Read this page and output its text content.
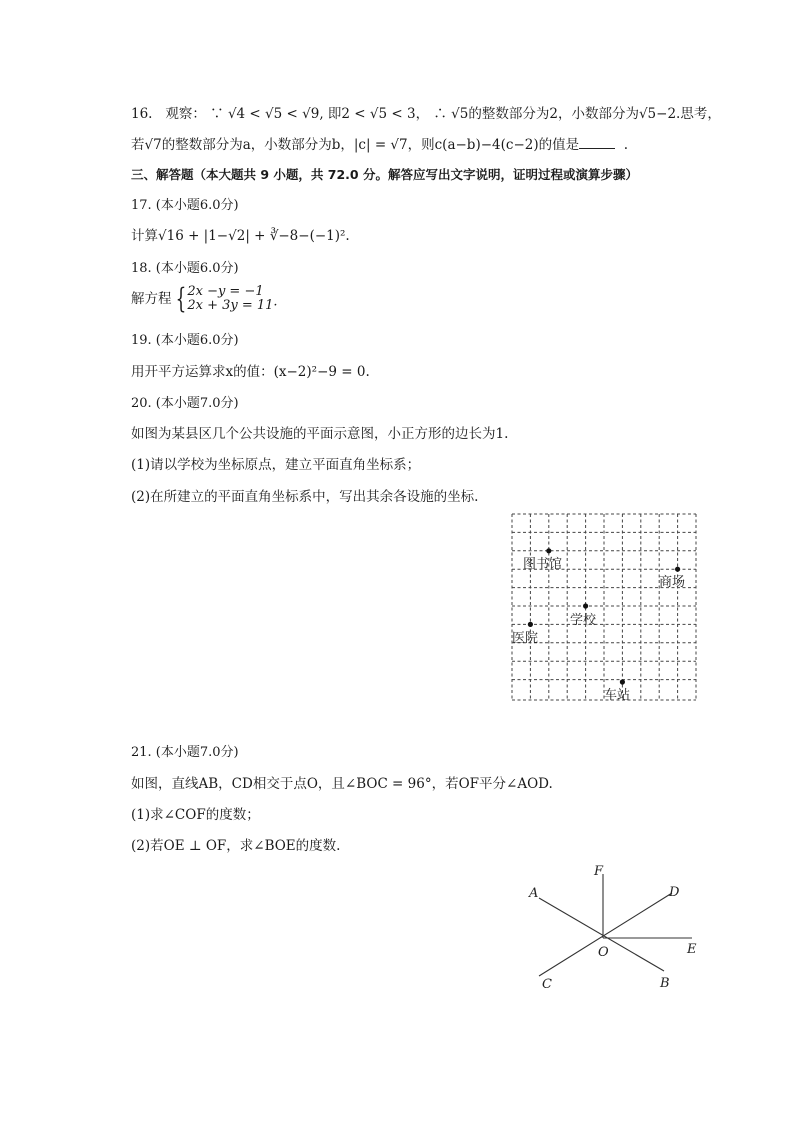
16. 观察： ∵ √4 < √5 < √9, 即2 < √5 < 3， ∴ √5的整数部分为2，小数部分为√5−2.思考，
若√7的整数部分为a，小数部分为b，|c| = √7，则c(a−b)−4(c−2)的值是	.
三、解答题（本大题共 9 小题，共 72.0 分。解答应写出文字说明，证明过程或演算步骤）
17. (本小题6.0分)
计算√16 + |1−√2| + ∛−8−(−1)².
18. (本小题6.0分)
解方程 { 2x −y = −1
2x + 3y = 11·
19. (本小题6.0分)
用开平方运算求x的值：(x−2)²−9 = 0.
20. (本小题7.0分)
如图为某县区几个公共设施的平面示意图，小正方形的边长为1.
(1)请以学校为坐标原点，建立平面直角坐标系；
(2)在所建立的平面直角坐标系中，写出其余各设施的坐标.
图书馆
商场
学校
医院
车站
21. (本小题7.0分)
如图，直线AB，CD相交于点O，且∠BOC = 96°，若OF平分∠AOD.
(1)求∠COF的度数；
(2)若OE ⊥ OF，求∠BOE的度数.
A
B
C
D
E
F
O
